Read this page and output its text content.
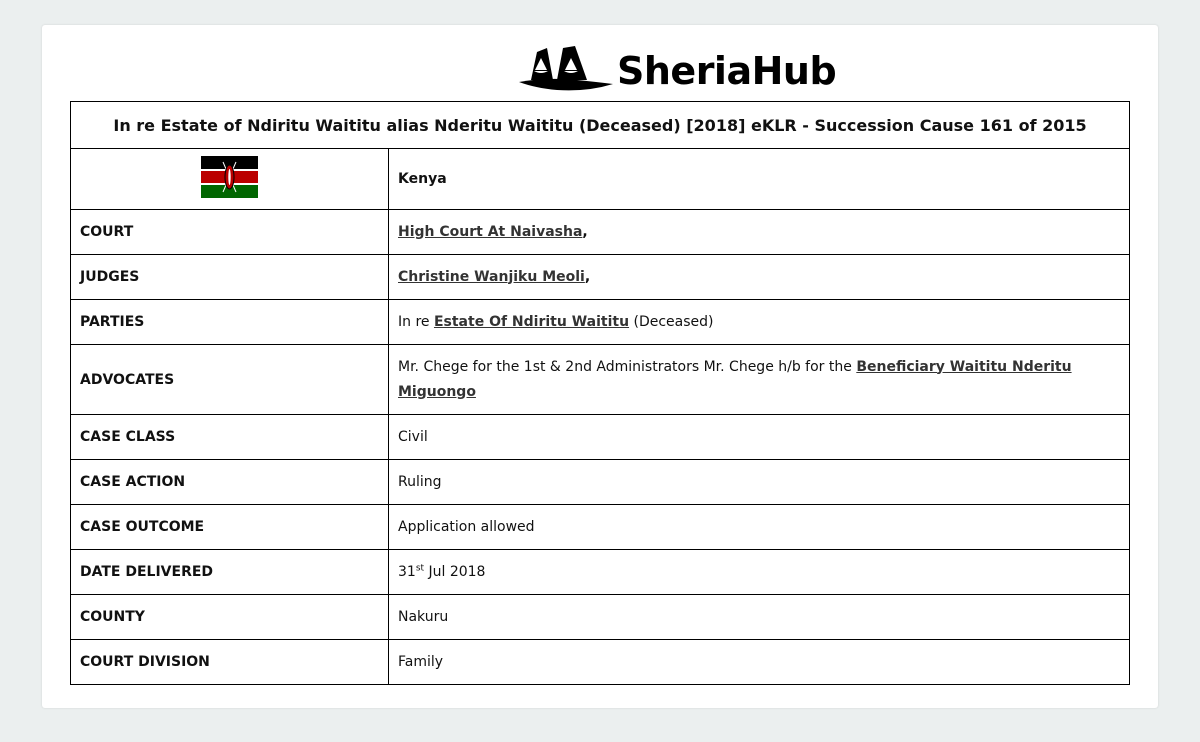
SheriaHub
In re Estate of Ndiritu Waititu alias Nderitu Waititu (Deceased) [2018] eKLR - Succession Cause 161 of 2015	
	Kenya
COURT	High Court At Naivasha,
JUDGES	Christine Wanjiku Meoli,
PARTIES	In re Estate Of Ndiritu Waititu (Deceased)
ADVOCATES	Mr. Chege for the 1st & 2nd Administrators Mr. Chege h/b for the Beneficiary Waititu Nderitu Miguongo
CASE CLASS	Civil
CASE ACTION	Ruling
CASE OUTCOME	Application allowed
DATE DELIVERED	31st Jul 2018
COUNTY	Nakuru
COURT DIVISION	Family
